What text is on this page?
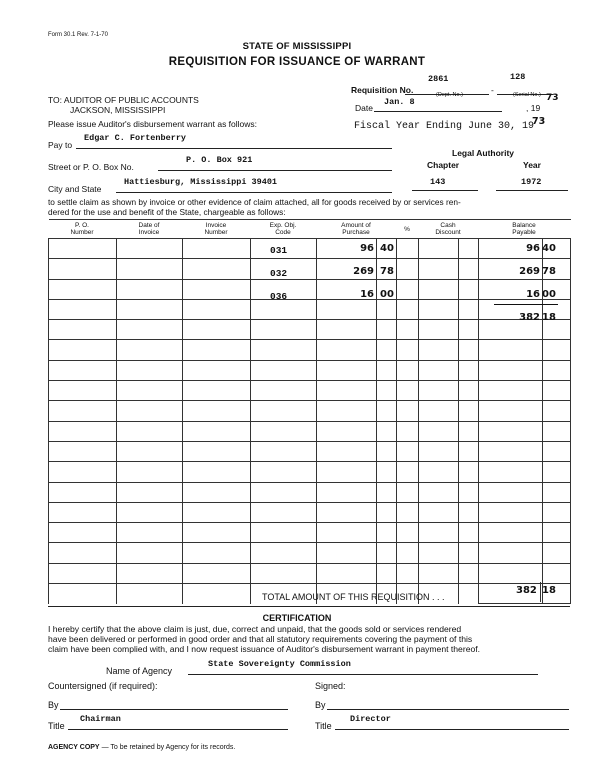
Form 30.1 Rev. 7-1-70
STATE OF MISSISSIPPI
REQUISITION FOR ISSUANCE OF WARRANT
Requisition No.
2861
-
128
(Dept. No.)	(Serial No.)
Date
Jan. 8
, 19
73
TO: AUDITOR OF PUBLIC ACCOUNTS
JACKSON, MISSISSIPPI
Please issue Auditor's disbursement warrant as follows:	Fiscal Year Ending June 30, 19
73
Pay to
Edgar C. Fortenberry
Legal Authority
Chapter	Year
Street or P. O. Box No.
P. O. Box 921
City and State
Hattiesburg, Mississippi 39401	143	1972
to settle claim as shown by invoice or other evidence of claim attached, all for goods received by or services ren-
dered for the use and benefit of the State, chargeable as follows:
P. O.
Number
Date of
Invoice
Invoice
Number
Exp. Obj.
Code
Amount of
Purchase	%
Cash
Discount
Balance
Payable

031	96 40	96 40
032	269 78	269 78
036	16 00	16 00
382 18
TOTAL AMOUNT OF THIS REQUISITION . . .
382 18
CERTIFICATION
I hereby certify that the above claim is just, due, correct and unpaid, that the goods sold or services rendered
have been delivered or performed in good order and that all statutory requirements covering the payment of this
claim have been complied with, and I now request issuance of Auditor's disbursement warrant in payment thereof.
Name of Agency
State Sovereignty Commission
Countersigned (if required):	Signed:
By	By
Title
Chairman
Title
Director
AGENCY COPY — To be retained by Agency for its records.
